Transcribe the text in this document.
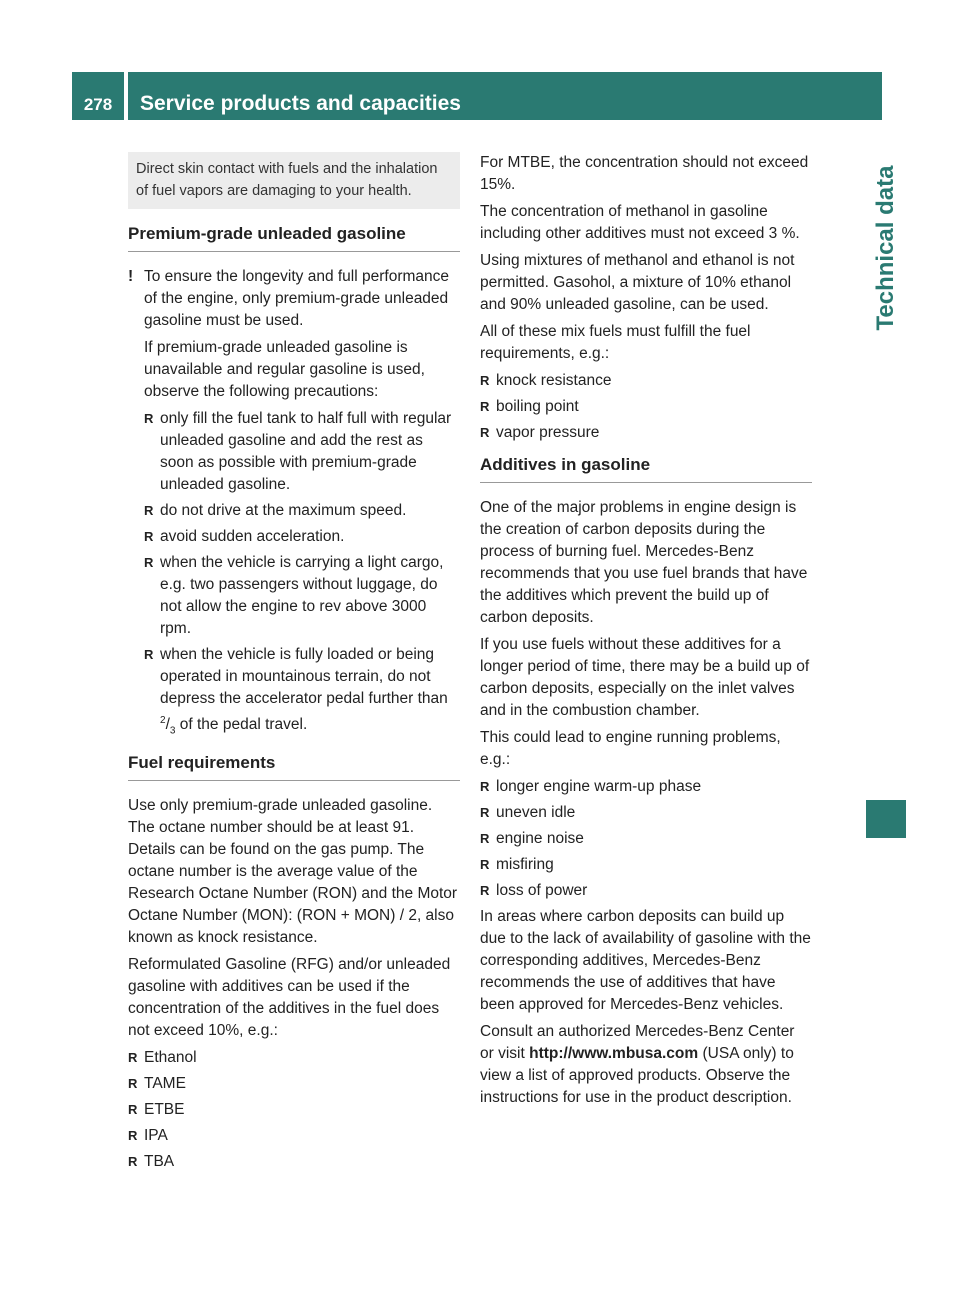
278	Service products and capacities
Technical data
Direct skin contact with fuels and the inhalation of fuel vapors are damaging to your health.
Premium-grade unleaded gasoline
! To ensure the longevity and full performance of the engine, only premium-grade unleaded gasoline must be used.

If premium-grade unleaded gasoline is unavailable and regular gasoline is used, observe the following precautions:

R only fill the fuel tank to half full with regular unleaded gasoline and add the rest as soon as possible with premium-grade unleaded gasoline.
R do not drive at the maximum speed.
R avoid sudden acceleration.
R when the vehicle is carrying a light cargo, e.g. two passengers without luggage, do not allow the engine to rev above 3000 rpm.
R when the vehicle is fully loaded or being operated in mountainous terrain, do not depress the accelerator pedal further than $^2/_3$ of the pedal travel.
Fuel requirements

Use only premium-grade unleaded gasoline. The octane number should be at least 91. Details can be found on the gas pump. The octane number is the average value of the Research Octane Number (RON) and the Motor Octane Number (MON): (RON + MON) / 2, also known as knock resistance.

Reformulated Gasoline (RFG) and/or unleaded gasoline with additives can be used if the concentration of the additives in the fuel does not exceed 10%, e.g.:

R Ethanol
R TAME
R ETBE
R IPA
R TBA

For MTBE, the concentration should not exceed 15%.

The concentration of methanol in gasoline including other additives must not exceed 3 %.

Using mixtures of methanol and ethanol is not permitted. Gasohol, a mixture of 10% ethanol and 90% unleaded gasoline, can be used.

All of these mix fuels must fulfill the fuel requirements, e.g.:

R knock resistance
R boiling point
R vapor pressure
Additives in gasoline

One of the major problems in engine design is the creation of carbon deposits during the process of burning fuel. Mercedes-Benz recommends that you use fuel brands that have the additives which prevent the build up of carbon deposits.

If you use fuels without these additives for a longer period of time, there may be a build up of carbon deposits, especially on the inlet valves and in the combustion chamber.

This could lead to engine running problems, e.g.:

R longer engine warm-up phase
R uneven idle
R engine noise
R misfiring
R loss of power

In areas where carbon deposits can build up due to the lack of availability of gasoline with the corresponding additives, Mercedes-Benz recommends the use of additives that have been approved for Mercedes-Benz vehicles.

Consult an authorized Mercedes-Benz Center or visit http://www.mbusa.com (USA only) to view a list of approved products. Observe the instructions for use in the product description.
